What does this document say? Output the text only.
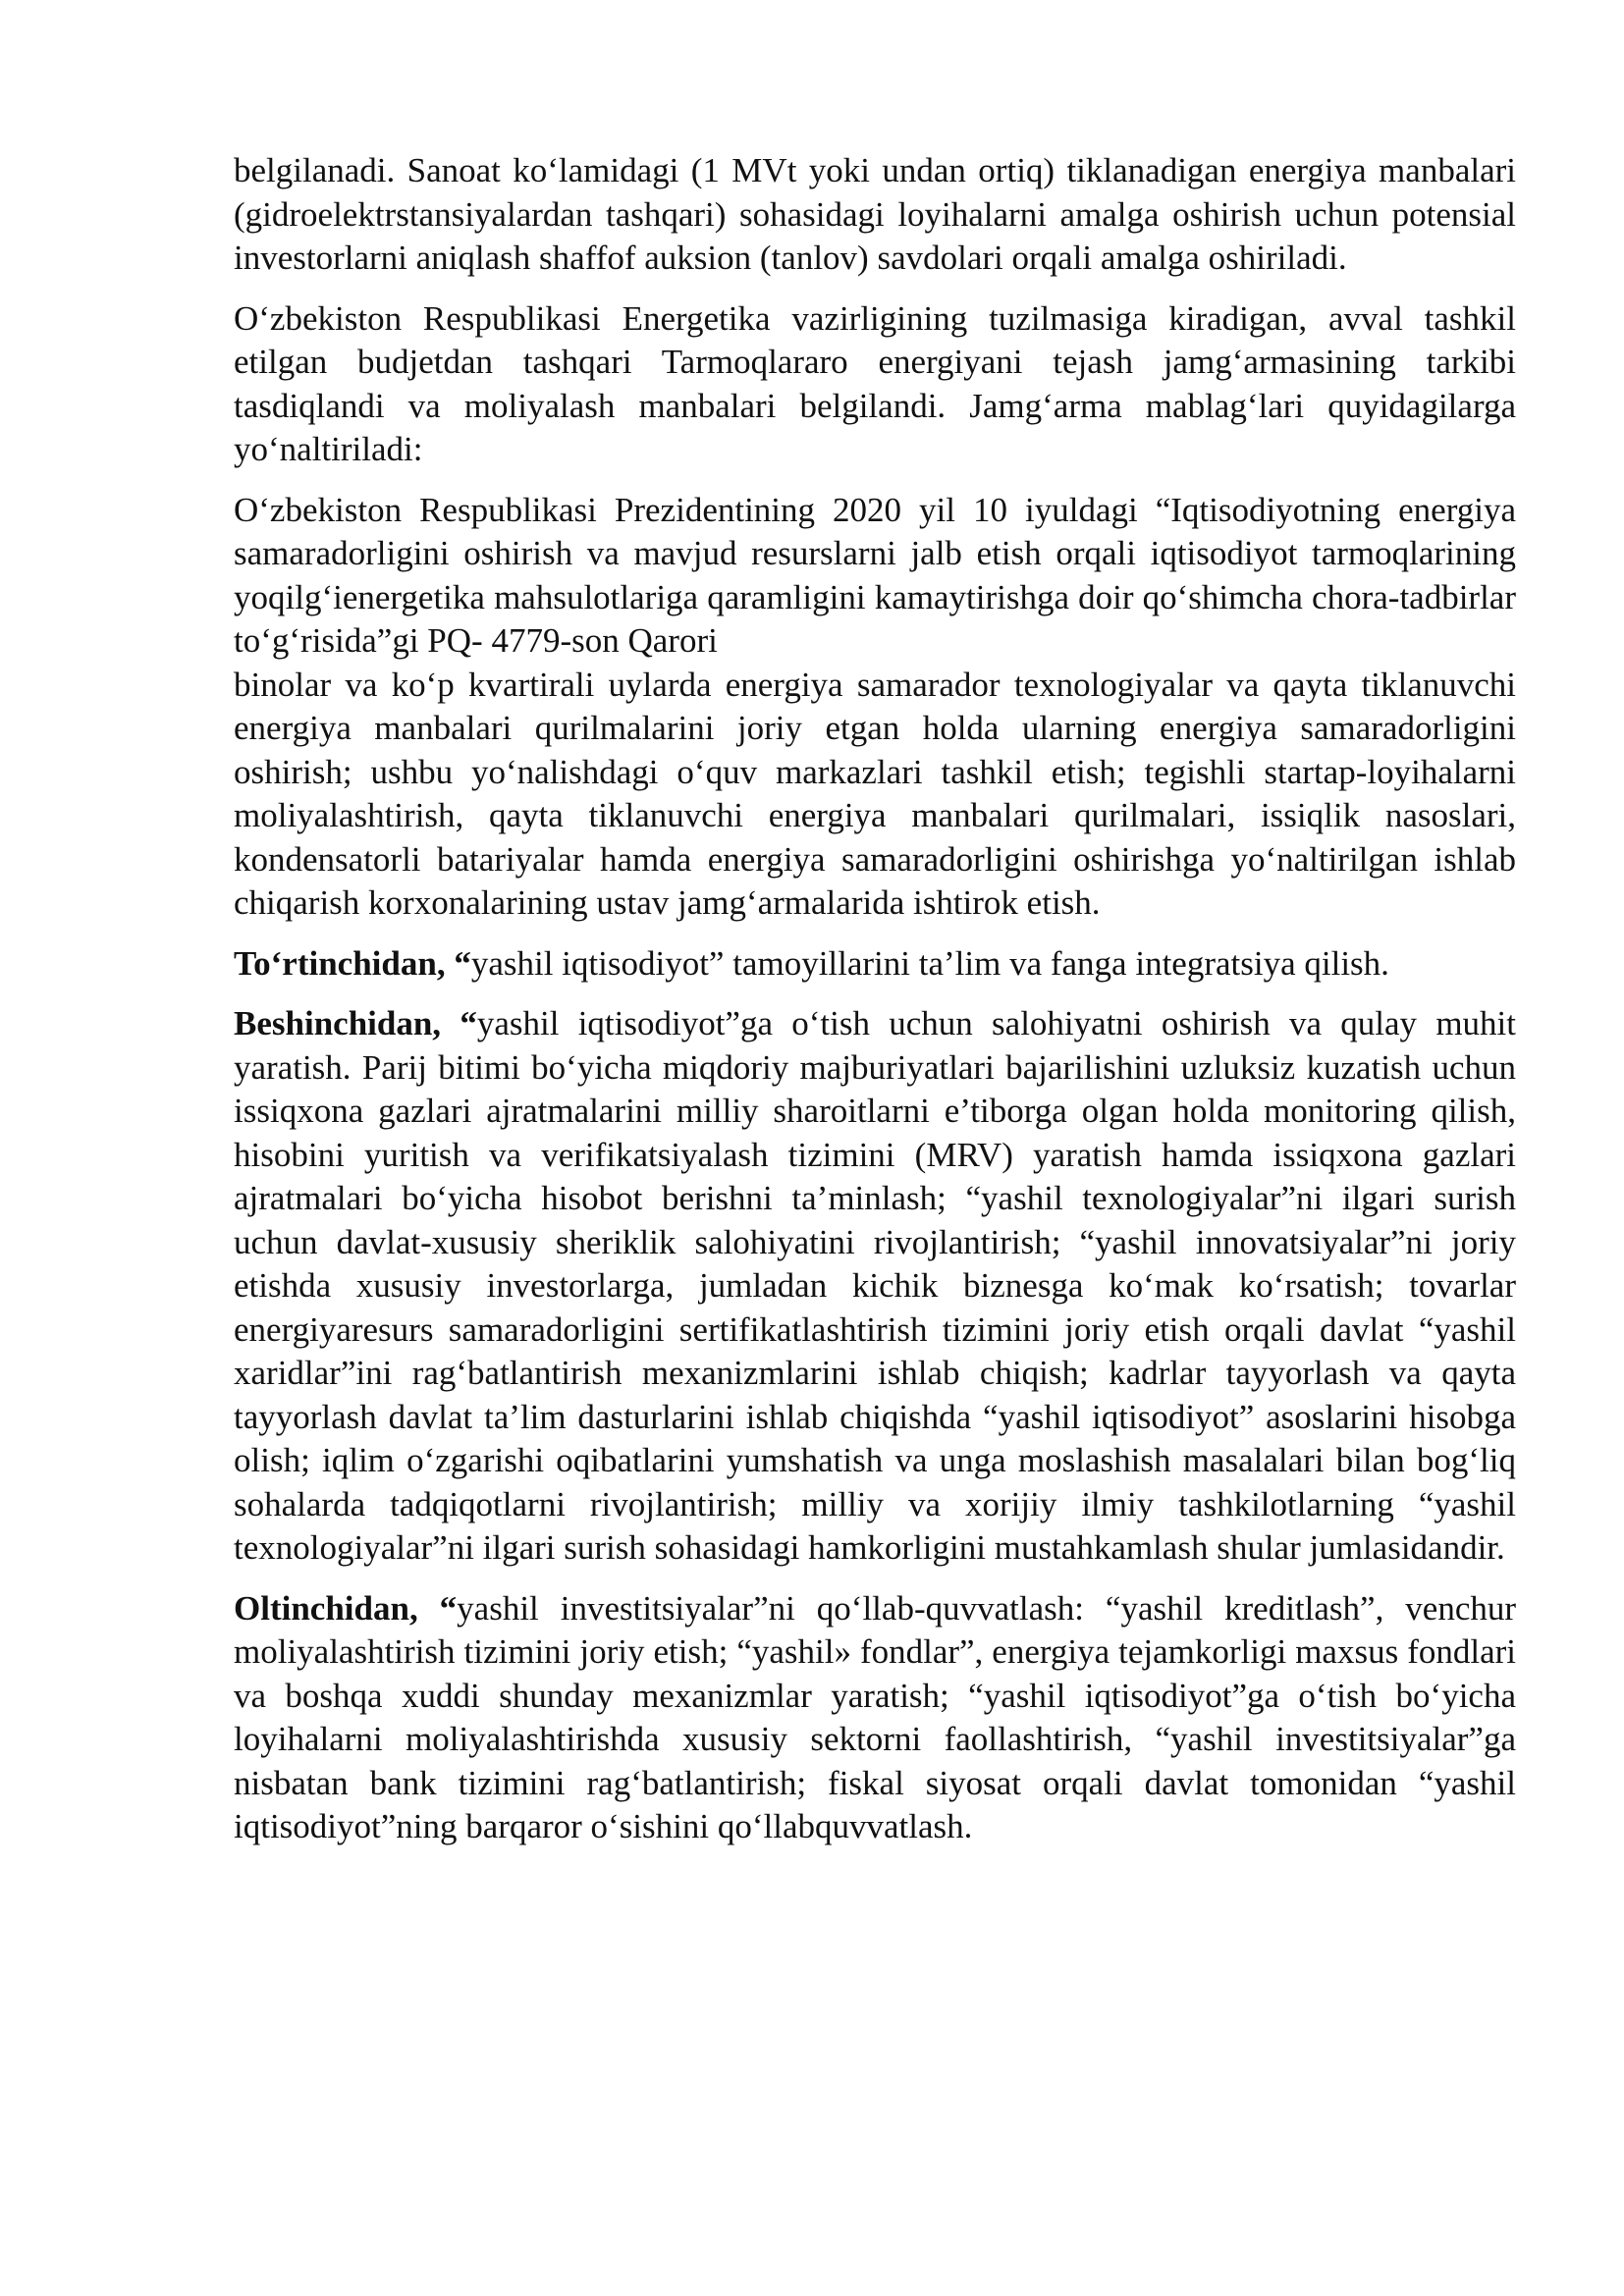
belgilanadi. Sanoat ko‘lamidagi (1 MVt yoki undan ortiq) tiklanadigan energiya manbalari (gidroelektrstansiyalardan tashqari) sohasidagi loyihalarni amalga oshirish uchun potensial investorlarni aniqlash shaffof auksion (tanlov) savdolari orqali amalga oshiriladi.

O‘zbekiston Respublikasi Energetika vazirligining tuzilmasiga kiradigan, avval tashkil etilgan budjetdan tashqari Tarmoqlararo energiyani tejash jamg‘armasining tarkibi tasdiqlandi va moliyalash manbalari belgilandi. Jamg‘arma mablag‘lari quyidagilarga yo‘naltiriladi:

O‘zbekiston Respublikasi Prezidentining 2020 yil 10 iyuldagi “Iqtisodiyotning energiya samaradorligini oshirish va mavjud resurslarni jalb etish orqali iqtisodiyot tarmoqlarining yoqilg‘ienergetika mahsulotlariga qaramligini kamaytirishga doir qo‘shimcha chora-tadbirlar to‘g‘risida”gi PQ- 4779-son Qarori

binolar va ko‘p kvartirali uylarda energiya samarador texnologiyalar va qayta tiklanuvchi energiya manbalari qurilmalarini joriy etgan holda ularning energiya samaradorligini oshirish; ushbu yo‘nalishdagi o‘quv markazlari tashkil etish; tegishli startap-loyihalarni moliyalashtirish, qayta tiklanuvchi energiya manbalari qurilmalari, issiqlik nasoslari, kondensatorli batariyalar hamda energiya samaradorligini oshirishga yo‘naltirilgan ishlab chiqarish korxonalarining ustav jamg‘armalarida ishtirok etish.

To‘rtinchidan, “yashil iqtisodiyot” tamoyillarini ta’lim va fanga integratsiya qilish.

Beshinchidan, “yashil iqtisodiyot”ga o‘tish uchun salohiyatni oshirish va qulay muhit yaratish. Parij bitimi bo‘yicha miqdoriy majburiyatlari bajarilishini uzluksiz kuzatish uchun issiqxona gazlari ajratmalarini milliy sharoitlarni e’tiborga olgan holda monitoring qilish, hisobini yuritish va verifikatsiyalash tizimini (MRV) yaratish hamda issiqxona gazlari ajratmalari bo‘yicha hisobot berishni ta’minlash; “yashil texnologiyalar”ni ilgari surish uchun davlat-xususiy sheriklik salohiyatini rivojlantirish; “yashil innovatsiyalar”ni joriy etishda xususiy investorlarga, jumladan kichik biznesga ko‘mak ko‘rsatish; tovarlar energiyaresurs samaradorligini sertifikatlashtirish tizimini joriy etish orqali davlat “yashil xaridlar”ini rag‘batlantirish mexanizmlarini ishlab chiqish; kadrlar tayyorlash va qayta tayyorlash davlat ta’lim dasturlarini ishlab chiqishda “yashil iqtisodiyot” asoslarini hisobga olish; iqlim o‘zgarishi oqibatlarini yumshatish va unga moslashish masalalari bilan bog‘liq sohalarda tadqiqotlarni rivojlantirish; milliy va xorijiy ilmiy tashkilotlarning “yashil texnologiyalar”ni ilgari surish sohasidagi hamkorligini mustahkamlash shular jumlasidandir.

Oltinchidan, “yashil investitsiyalar”ni qo‘llab-quvvatlash: “yashil kreditlash”, venchur moliyalashtirish tizimini joriy etish; “yashil» fondlar”, energiya tejamkorligi maxsus fondlari va boshqa xuddi shunday mexanizmlar yaratish; “yashil iqtisodiyot”ga o‘tish bo‘yicha loyihalarni moliyalashtirishda xususiy sektorni faollashtirish, “yashil investitsiyalar”ga nisbatan bank tizimini rag‘batlantirish; fiskal siyosat orqali davlat tomonidan “yashil iqtisodiyot”ning barqaror o‘sishini qo‘llabquvvatlash.
